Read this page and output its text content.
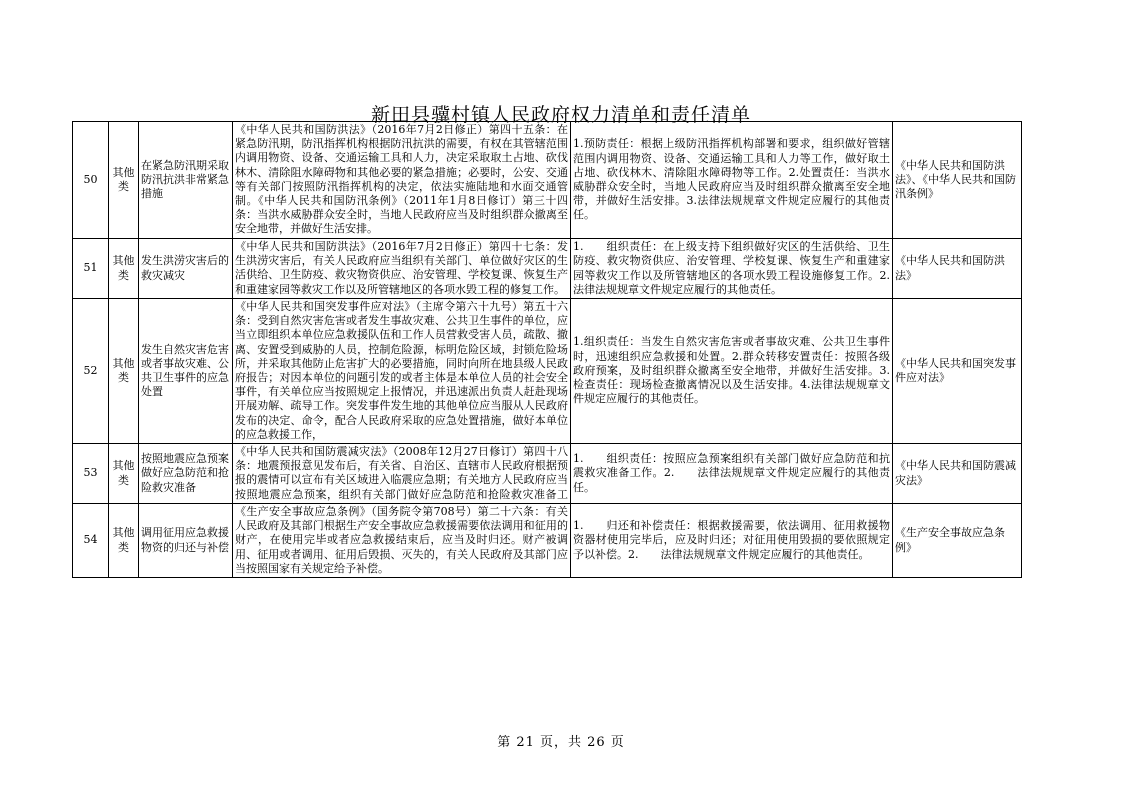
新田县骥村镇人民政府权力清单和责任清单
50	其他类	在紧急防汛期采取防汛抗洪非常紧急措施	《中华人民共和国防洪法》（2016年7月2日修正）第四十五条：在紧急防汛期，防汛指挥机构根据防汛抗洪的需要，有权在其管辖范围内调用物资、设备、交通运输工具和人力，决定采取取土占地、砍伐林木、清除阻水障碍物和其他必要的紧急措施；必要时，公安、交通等有关部门按照防汛指挥机构的决定，依法实施陆地和水面交通管制。《中华人民共和国防汛条例》（2011年1月8日修订）第三十四条：当洪水威胁群众安全时，当地人民政府应当及时组织群众撤离至安全地带，并做好生活安排。	1.预防责任：根据上级防汛指挥机构部署和要求，组织做好管辖范围内调用物资、设备、交通运输工具和人力等工作，做好取土占地、砍伐林木、清除阻水障碍物等工作。2.处置责任：当洪水威胁群众安全时，当地人民政府应当及时组织群众撤离至安全地带，并做好生活安排。3.法律法规规章文件规定应履行的其他责任。	《中华人民共和国防洪法》、《中华人民共和国防汛条例》
51	其他类	发生洪涝灾害后的救灾减灾	《中华人民共和国防洪法》（2016年7月2日修正）第四十七条：发生洪涝灾害后，有关人民政府应当组织有关部门、单位做好灾区的生活供给、卫生防疫、救灾物资供应、治安管理、学校复课、恢复生产和重建家园等救灾工作以及所管辖地区的各项水毁工程的修复工作。	1.　　组织责任：在上级支持下组织做好灾区的生活供给、卫生防疫、救灾物资供应、治安管理、学校复课、恢复生产和重建家园等救灾工作以及所管辖地区的各项水毁工程设施修复工作。2.　　法律法规规章文件规定应履行的其他责任。	《中华人民共和国防洪法》
52	其他类	发生自然灾害危害或者事故灾难、公共卫生事件的应急处置	《中华人民共和国突发事件应对法》（主席令第六十九号）第五十六条：受到自然灾害危害或者发生事故灾难、公共卫生事件的单位，应当立即组织本单位应急救援队伍和工作人员营救受害人员，疏散、撤离、安置受到威胁的人员，控制危险源，标明危险区域，封锁危险场所，并采取其他防止危害扩大的必要措施，同时向所在地县级人民政府报告；对因本单位的问题引发的或者主体是本单位人员的社会安全事件，有关单位应当按照规定上报情况，并迅速派出负责人赶赴现场开展劝解、疏导工作。突发事件发生地的其他单位应当服从人民政府发布的决定、命令，配合人民政府采取的应急处置措施，做好本单位的应急救援工作，	1.组织责任：当发生自然灾害危害或者事故灾难、公共卫生事件时，迅速组织应急救援和处置。2.群众转移安置责任：按照各级政府预案，及时组织群众撤离至安全地带，并做好生活安排。3.检查责任：现场检查撤离情况以及生活安排。4.法律法规规章文件规定应履行的其他责任。	《中华人民共和国突发事件应对法》
53	其他类	按照地震应急预案做好应急防范和抢险救灾准备	《中华人民共和国防震减灾法》（2008年12月27日修订）第四十八条：地震预报意见发布后，有关省、自治区、直辖市人民政府根据预报的震情可以宣布有关区域进入临震应急期；有关地方人民政府应当按照地震应急预案，组织有关部门做好应急防范和抢险救灾准备工	1.　　组织责任：按照应急预案组织有关部门做好应急防范和抗震救灾准备工作。2.　　法律法规规章文件规定应履行的其他责任。	《中华人民共和国防震减灾法》
54	其他类	调用征用应急救援物资的归还与补偿	《生产安全事故应急条例》（国务院令第708号）第二十六条：有关人民政府及其部门根据生产安全事故应急救援需要依法调用和征用的财产，在使用完毕或者应急救援结束后，应当及时归还。财产被调用、征用或者调用、征用后毁损、灭失的，有关人民政府及其部门应当按照国家有关规定给予补偿。	1.　　归还和补偿责任：根据救援需要，依法调用、征用救援物资器材使用完毕后，应及时归还；对征用使用毁损的要依照规定予以补偿。2.　　法律法规规章文件规定应履行的其他责任。	《生产安全事故应急条例》
第 21 页，共 26 页
